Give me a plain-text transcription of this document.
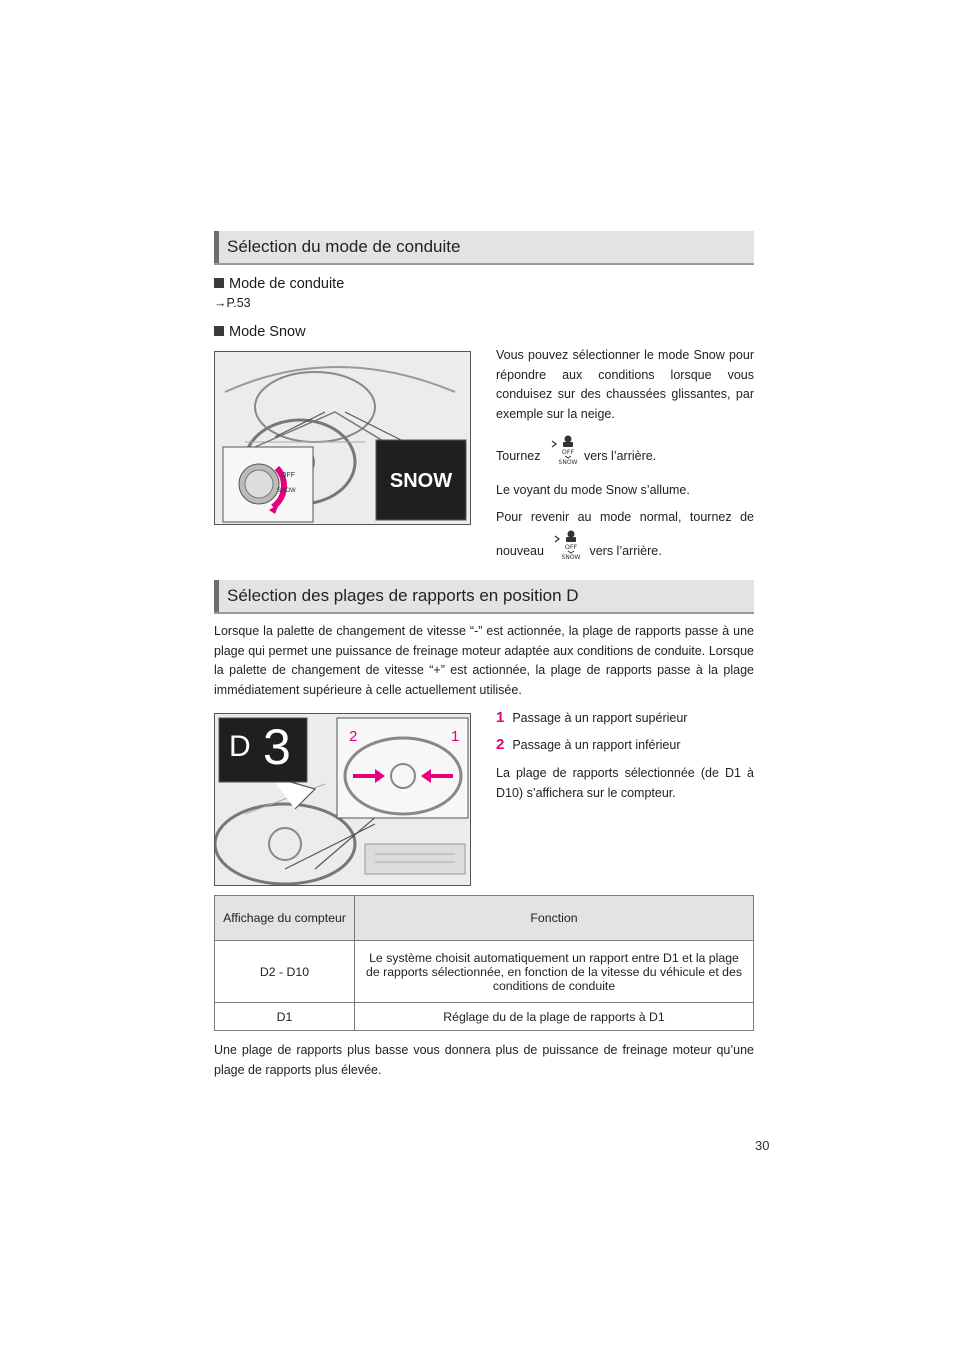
Sélection du mode de conduite
Mode de conduite
→P.53
Mode Snow
SNOW
OFF
SNOW
Vous pouvez sélectionner le mode Snow pour répondre aux conditions lorsque vous conduisez sur des chaussées glissantes, par exemple sur la neige.
Tournez	OFF
SNOW vers l’arrière.
Le voyant du mode Snow s’allume.
Pour revenir au mode normal, tournez de
nouveau	OFF
SNOW vers l’arrière.
Sélection des plages de rapports en position D
Lorsque la palette de changement de vitesse “-” est actionnée, la plage de rapports passe à une plage qui permet une puissance de freinage moteur adaptée aux conditions de conduite. Lorsque la palette de changement de vitesse “+” est actionnée, la plage de rapports passe à la plage immédiatement supérieure à celle actuellement utilisée.
D 3	2	1
1 Passage à un rapport supérieur
2 Passage à un rapport inférieur
La plage de rapports sélectionnée (de D1 à D10) s’affichera sur le compteur.
Affichage du compteur	Fonction
D2 - D10	Le système choisit automatiquement un rapport entre D1 et la plage de rapports sélectionnée, en fonction de la vitesse du véhicule et des conditions de conduite
D1	Réglage du de la plage de rapports à D1
Une plage de rapports plus basse vous donnera plus de puissance de freinage moteur qu’une plage de rapports plus élevée.
30
